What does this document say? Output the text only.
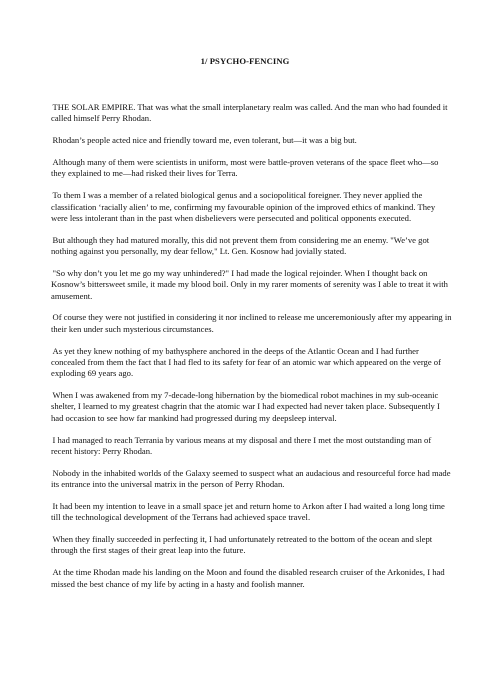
1/ PSYCHO-FENCING

THE SOLAR EMPIRE. That was what the small interplanetary realm was called. And the man who had founded it called himself Perry Rhodan.

Rhodan’s people acted nice and friendly toward me, even tolerant, but—it was a big but.

Although many of them were scientists in uniform, most were battle-proven veterans of the space fleet who—so they explained to me—had risked their lives for Terra.

To them I was a member of a related biological genus and a sociopolitical foreigner. They never applied the classification ‘racially alien’ to me, confirming my favourable opinion of the improved ethics of mankind. They were less intolerant than in the past when disbelievers were persecuted and political opponents executed.

But although they had matured morally, this did not prevent them from considering me an enemy. "We’ve got nothing against you personally, my dear fellow," Lt. Gen. Kosnow had jovially stated.

"So why don’t you let me go my way unhindered?" I had made the logical rejoinder. When I thought back on Kosnow’s bittersweet smile, it made my blood boil. Only in my rarer moments of serenity was I able to treat it with amusement.

Of course they were not justified in considering it nor inclined to release me unceremoniously after my appearing in their ken under such mysterious circumstances.

As yet they knew nothing of my bathysphere anchored in the deeps of the Atlantic Ocean and I had further concealed from them the fact that I had fled to its safety for fear of an atomic war which appeared on the verge of exploding 69 years ago.

When I was awakened from my 7-decade-long hibernation by the biomedical robot machines in my sub-oceanic shelter, I learned to my greatest chagrin that the atomic war I had expected had never taken place. Subsequently I had occasion to see how far mankind had progressed during my deepsleep interval.

I had managed to reach Terrania by various means at my disposal and there I met the most outstanding man of recent history: Perry Rhodan.

Nobody in the inhabited worlds of the Galaxy seemed to suspect what an audacious and resourceful force had made its entrance into the universal matrix in the person of Perry Rhodan.

It had been my intention to leave in a small space jet and return home to Arkon after I had waited a long long time till the technological development of the Terrans had achieved space travel.

When they finally succeeded in perfecting it, I had unfortunately retreated to the bottom of the ocean and slept through the first stages of their great leap into the future.

At the time Rhodan made his landing on the Moon and found the disabled research cruiser of the Arkonides, I had missed the best chance of my life by acting in a hasty and foolish manner.
